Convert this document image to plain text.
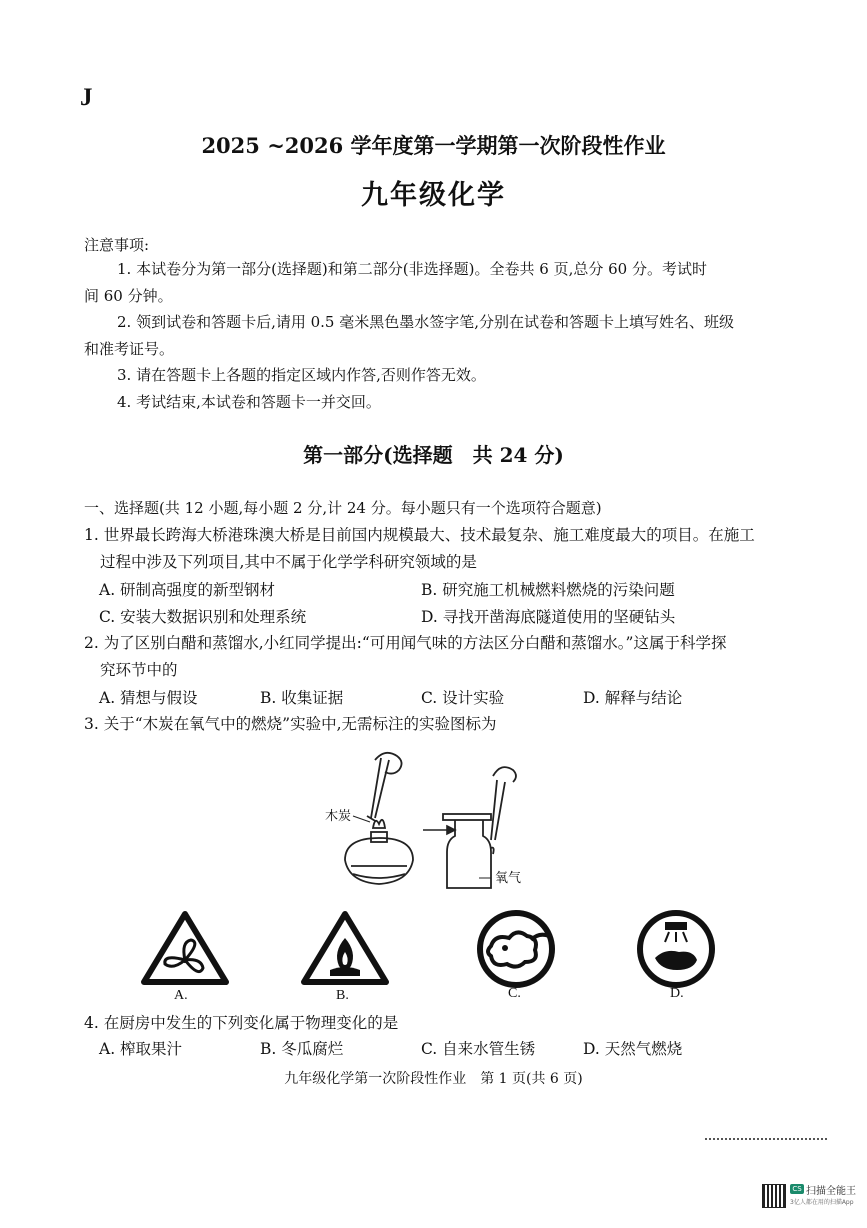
J
2025 ~2026 学年度第一学期第一次阶段性作业
九年级化学
注意事项:
1. 本试卷分为第一部分(选择题)和第二部分(非选择题)。全卷共 6 页,总分 60 分。考试时
间 60 分钟。
2. 领到试卷和答题卡后,请用 0.5 毫米黑色墨水签字笔,分别在试卷和答题卡上填写姓名、班级
和准考证号。
3. 请在答题卡上各题的指定区域内作答,否则作答无效。
4. 考试结束,本试卷和答题卡一并交回。
第一部分(选择题　共 24 分)
一、选择题(共 12 小题,每小题 2 分,计 24 分。每小题只有一个选项符合题意)
1. 世界最长跨海大桥港珠澳大桥是目前国内规模最大、技术最复杂、施工难度最大的项目。在施工
过程中涉及下列项目,其中不属于化学学科研究领域的是
A. 研制高强度的新型钢材	B. 研究施工机械燃料燃烧的污染问题
C. 安装大数据识别和处理系统	D. 寻找开凿海底隧道使用的坚硬钻头
2. 为了区别白醋和蒸馏水,小红同学提出:“可用闻气味的方法区分白醋和蒸馏水。”这属于科学探
究环节中的
A. 猜想与假设	B. 收集证据	C. 设计实验	D. 解释与结论
3. 关于“木炭在氧气中的燃烧”实验中,无需标注的实验图标为
木炭
氧气
A.	B.	C.	D.
4. 在厨房中发生的下列变化属于物理变化的是
A. 榨取果汁	B. 冬瓜腐烂	C. 自来水管生锈	D. 天然气燃烧
九年级化学第一次阶段性作业　第 1 页(共 6 页)
CS 扫描全能王
3亿人都在用的扫描App
